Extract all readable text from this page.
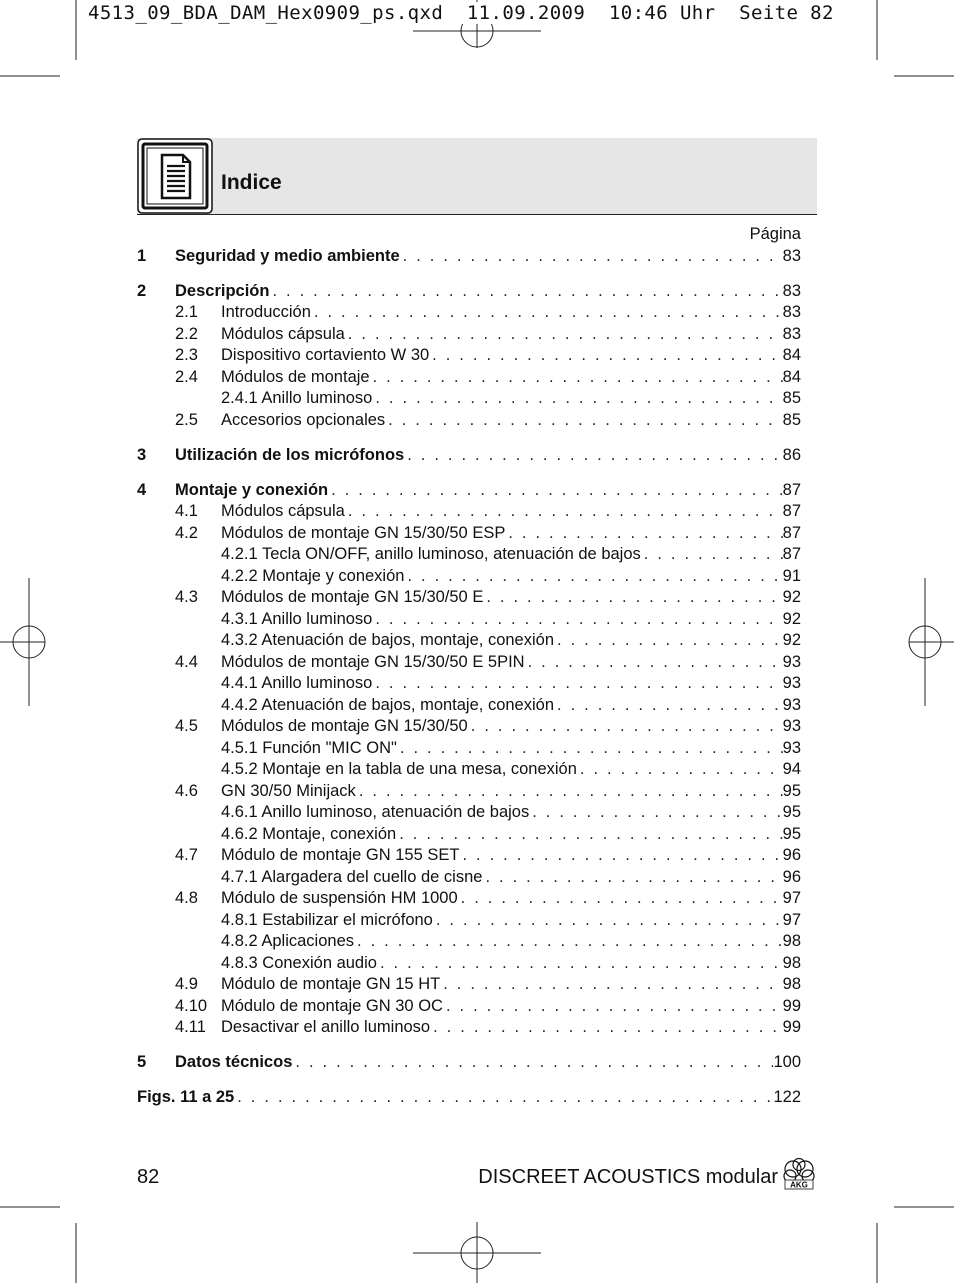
4513_09_BDA_DAM_Hex0909_ps.qxd  11.09.2009  10:46 Uhr  Seite 82
Indice
Página
1	Seguridad y medio ambiente . . .	83
2	Descripción . . .	83
2.1	Introducción . . .	83
2.2	Módulos cápsula . . .	83
2.3	Dispositivo cortaviento W 30 . . .	84
2.4	Módulos de montaje . . .	84
2.4.1 Anillo luminoso . . .	85
2.5	Accesorios opcionales . . .	85
3	Utilización de los micrófonos . . .	86
4	Montaje y conexión . . .	87
4.1	Módulos cápsula . . .	87
4.2	Módulos de montaje GN 15/30/50 ESP . . .	87
4.2.1 Tecla ON/OFF, anillo luminoso, atenuación de bajos . . .	87
4.2.2 Montaje y conexión . . .	91
4.3	Módulos de montaje GN 15/30/50 E . . .	92
4.3.1 Anillo luminoso . . .	92
4.3.2 Atenuación de bajos, montaje, conexión . . .	92
4.4	Módulos de montaje GN 15/30/50 E 5PIN . . .	93
4.4.1 Anillo luminoso . . .	93
4.4.2 Atenuación de bajos, montaje, conexión . . .	93
4.5	Módulos de montaje GN 15/30/50 . . .	93
4.5.1 Función "MIC ON" . . .	93
4.5.2 Montaje en la tabla de una mesa, conexión . . .	94
4.6	GN 30/50 Minijack . . .	95
4.6.1 Anillo luminoso, atenuación de bajos . . .	95
4.6.2 Montaje, conexión . . .	95
4.7	Módulo de montaje GN 155 SET . . .	96
4.7.1 Alargadera del cuello de cisne . . .	96
4.8	Módulo de suspensión HM 1000 . . .	97
4.8.1 Estabilizar el micrófono . . .	97
4.8.2 Aplicaciones . . .	98
4.8.3 Conexión audio . . .	98
4.9	Módulo de montaje GN 15 HT . . .	98
4.10 Módulo de montaje GN 30 OC . . .	99
4.11 Desactivar el anillo luminoso . . .	99
5	Datos técnicos . . .	100
Figs. 11 a 25 . . .	122
82	DISCREET ACOUSTICS modular AKG
